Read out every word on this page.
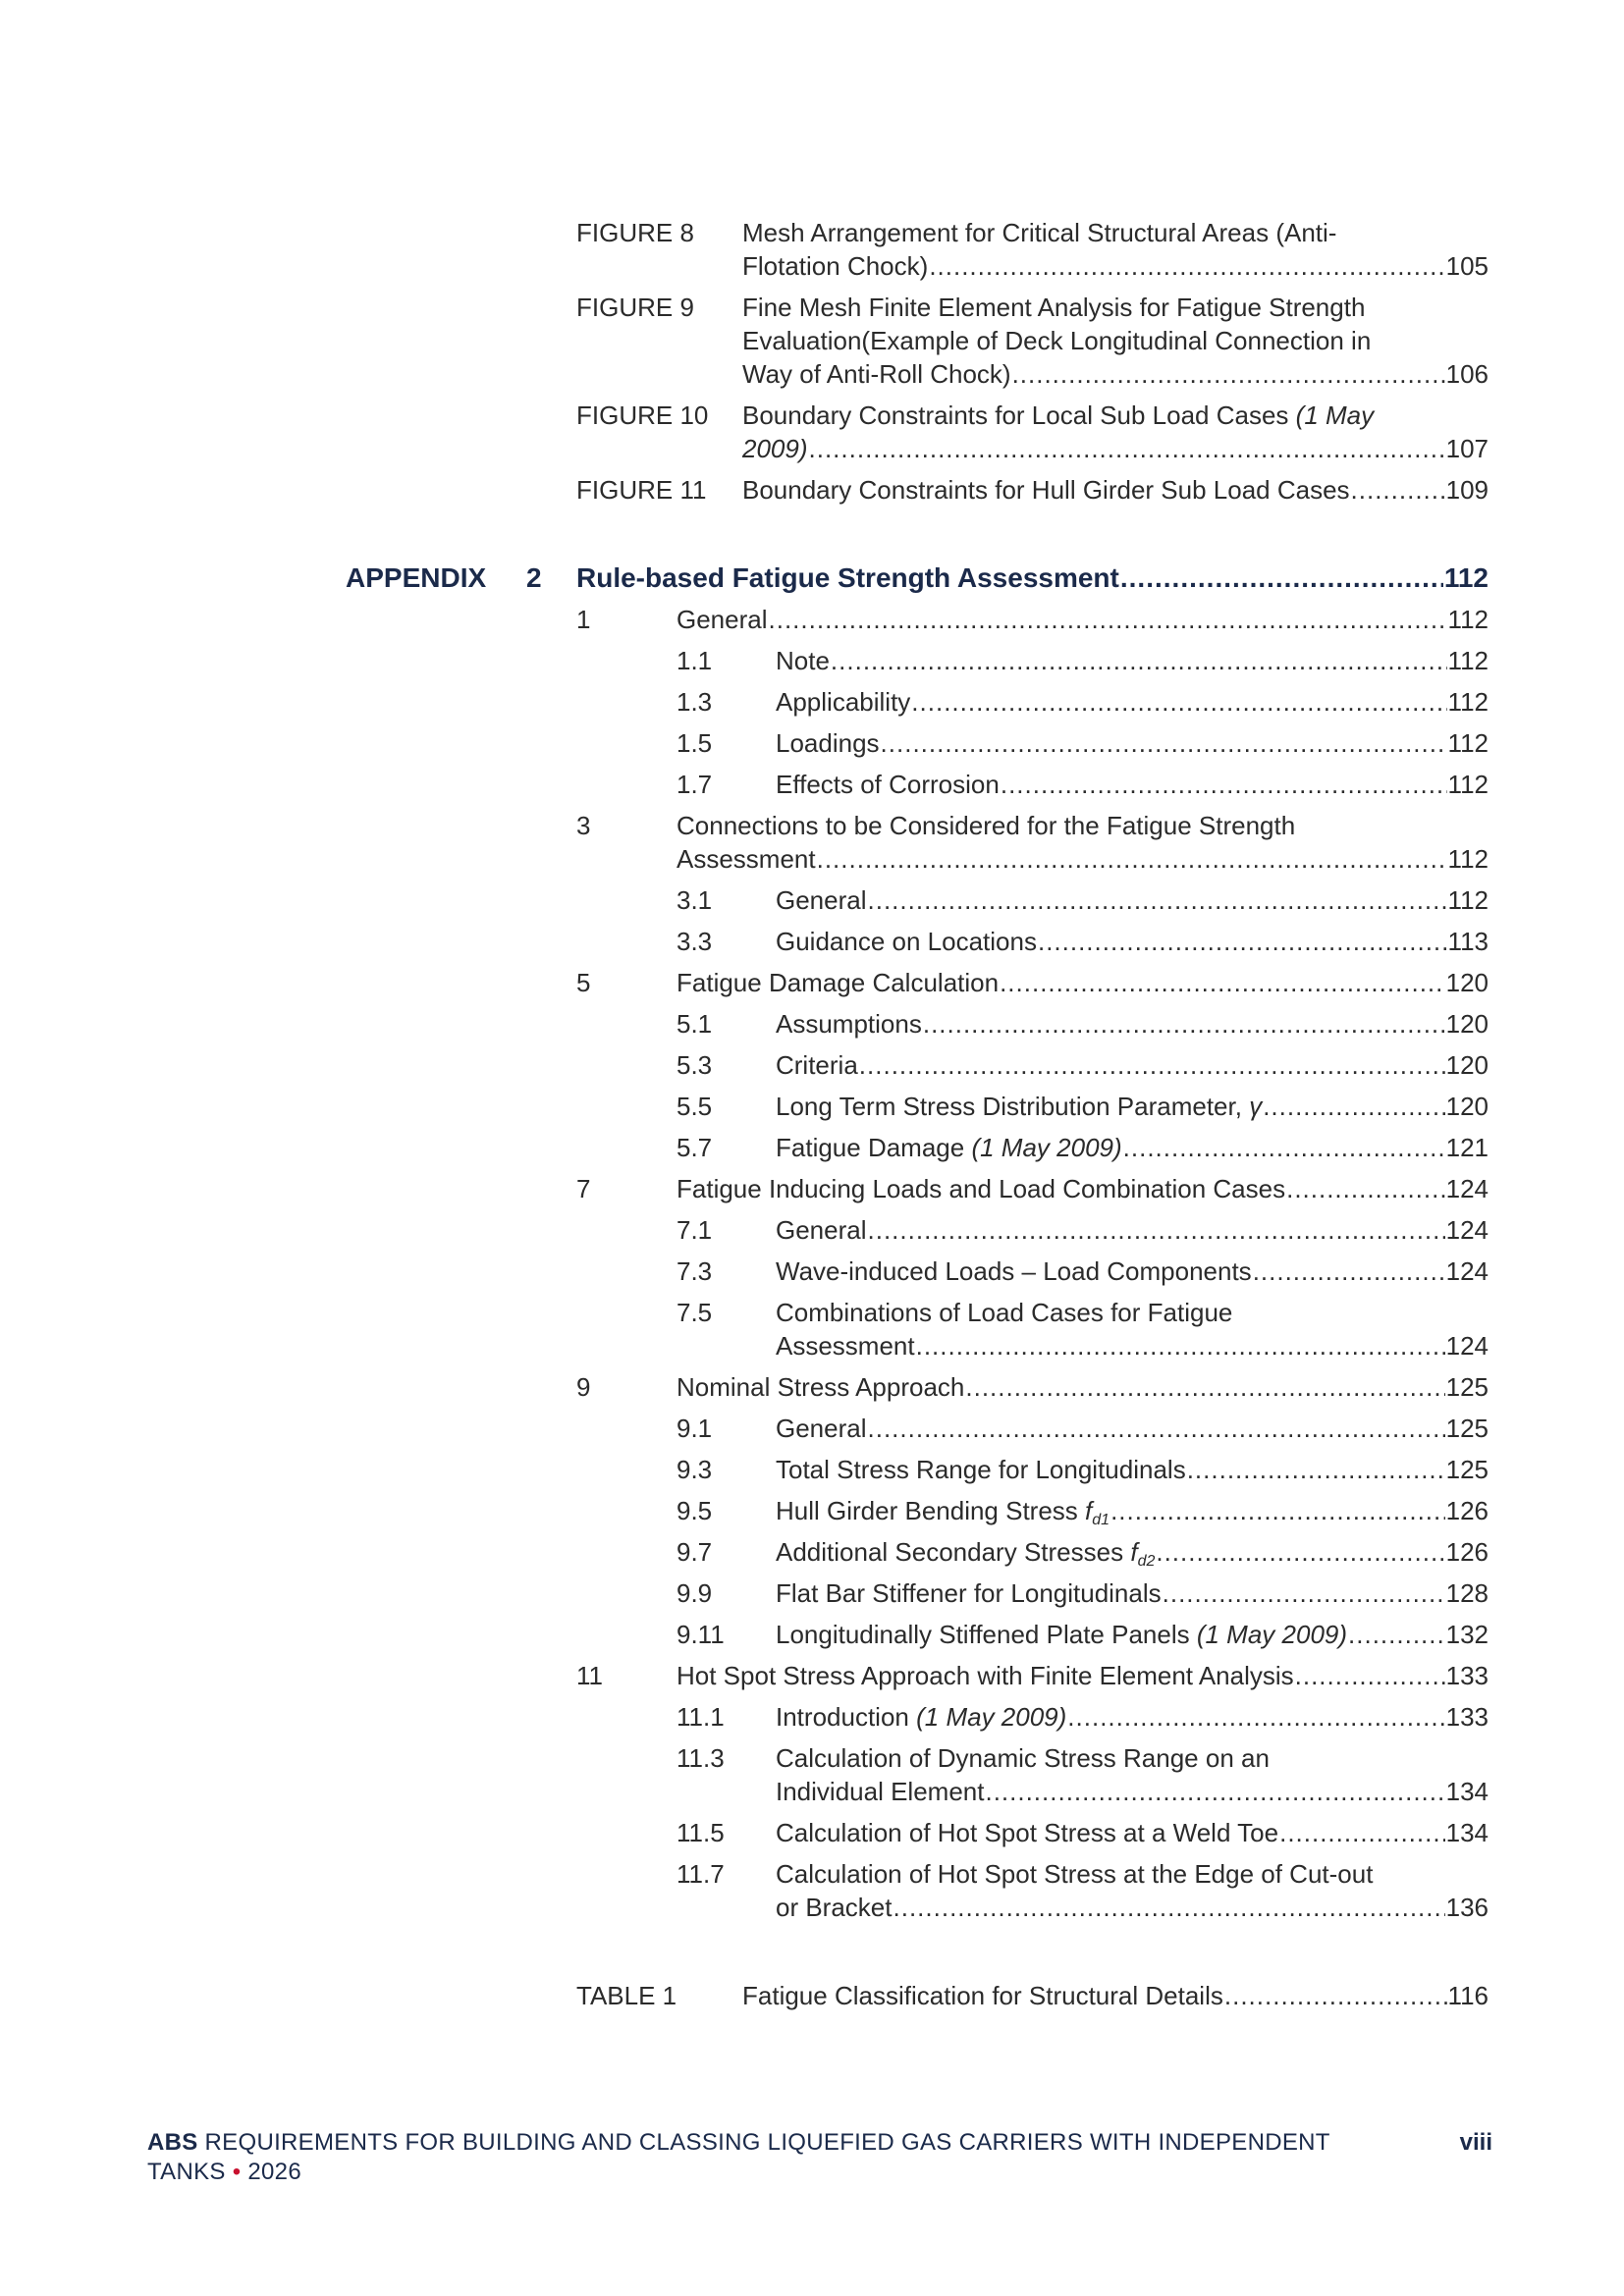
FIGURE 8 Mesh Arrangement for Critical Structural Areas (Anti-
Flotation Chock) .....	105
FIGURE 9 Fine Mesh Finite Element Analysis for Fatigue Strength
Evaluation(Example of Deck Longitudinal Connection in
Way of Anti-Roll Chock) .....	106
FIGURE 10 Boundary Constraints for Local Sub Load Cases (1 May
2009) .....	107
FIGURE 11 Boundary Constraints for Hull Girder Sub Load Cases .....	109
APPENDIX 2 Rule-based Fatigue Strength Assessment .....	112
1	General .....	112
1.1 Note .....	112
1.3 Applicability .....	112
1.5 Loadings .....	112
1.7 Effects of Corrosion .....	112
3	Connections to be Considered for the Fatigue Strength
Assessment .....	112
3.1 General .....	112
3.3 Guidance on Locations .....	113
5	Fatigue Damage Calculation .....	120
5.1 Assumptions .....	120
5.3 Criteria .....	120
5.5 Long Term Stress Distribution Parameter, γ .....	120
5.7 Fatigue Damage (1 May 2009) .....	121
7	Fatigue Inducing Loads and Load Combination Cases .....	124
7.1 General .....	124
7.3 Wave-induced Loads – Load Components .....	124
7.5 Combinations of Load Cases for Fatigue
Assessment .....	124
9	Nominal Stress Approach .....	125
9.1 General .....	125
9.3 Total Stress Range for Longitudinals .....	125
9.5 Hull Girder Bending Stress $f_{d1}$ .....	126
9.7 Additional Secondary Stresses $f_{d2}$ .....	126
9.9 Flat Bar Stiffener for Longitudinals .....	128
9.11 Longitudinally Stiffened Plate Panels (1 May 2009) .....	132
11	Hot Spot Stress Approach with Finite Element Analysis .....	133
11.1 Introduction (1 May 2009) .....	133
11.3 Calculation of Dynamic Stress Range on an
Individual Element .....	134
11.5 Calculation of Hot Spot Stress at a Weld Toe .....	134
11.7 Calculation of Hot Spot Stress at the Edge of Cut-out
or Bracket .....	136
TABLE 1	Fatigue Classification for Structural Details .....	116
ABS REQUIREMENTS FOR BUILDING AND CLASSING LIQUEFIED GAS CARRIERS WITH INDEPENDENT
TANKS • 2026
viii
